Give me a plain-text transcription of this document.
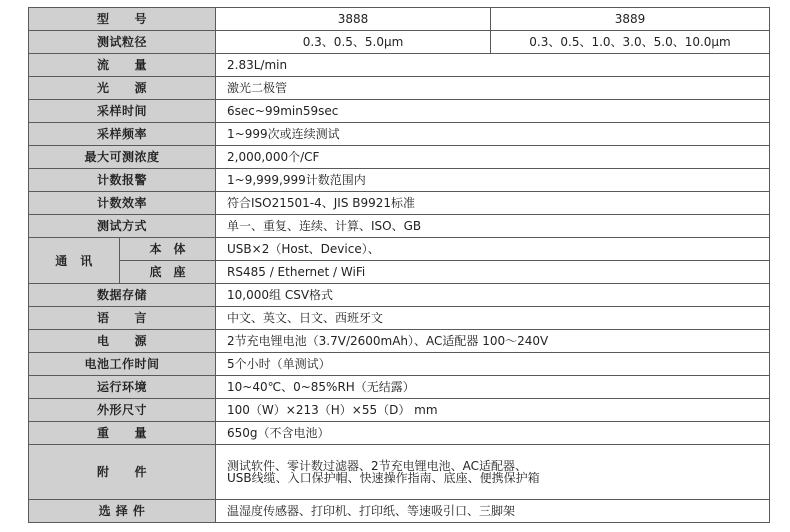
型　　号		3888	3889
测试粒径		0.3、0.5、5.0μm	0.3、0.5、1.0、3.0、5.0、10.0μm
流　　量		2.83L/min	
光　　源		激光二极管	
采样时间		6sec~99min59sec	
采样频率		1~999次或连续测试	
最大可测浓度		2,000,000个/CF	
计数报警		1~9,999,999计数范围内	
计数效率		符合ISO21501-4、JIS B9921标准	
测试方式		单一、重复、连续、计算、ISO、GB	
通　讯	本　体	USB×2（Host、Device）、	
	底　座	RS485 / Ethernet / WiFi	
数据存储		10,000组 CSV格式	
语　　言		中文、英文、日文、西班牙文	
电　　源		2节充电锂电池（3.7V/2600mAh）、AC适配器 100～240V	
电池工作时间		5个小时（单测试）	
运行环境		10~40℃、0~85%RH（无结露）	
外形尺寸		100（W）×213（H）×55（D） mm	
重　　量		650g（不含电池）	
附　　件		测试软件、零计数过滤器、2节充电锂电池、AC适配器、
USB线缆、入口保护帽、快速操作指南、底座、便携保护箱	

选 择 件		温湿度传感器、打印机、打印纸、等速吸引口、三脚架	
